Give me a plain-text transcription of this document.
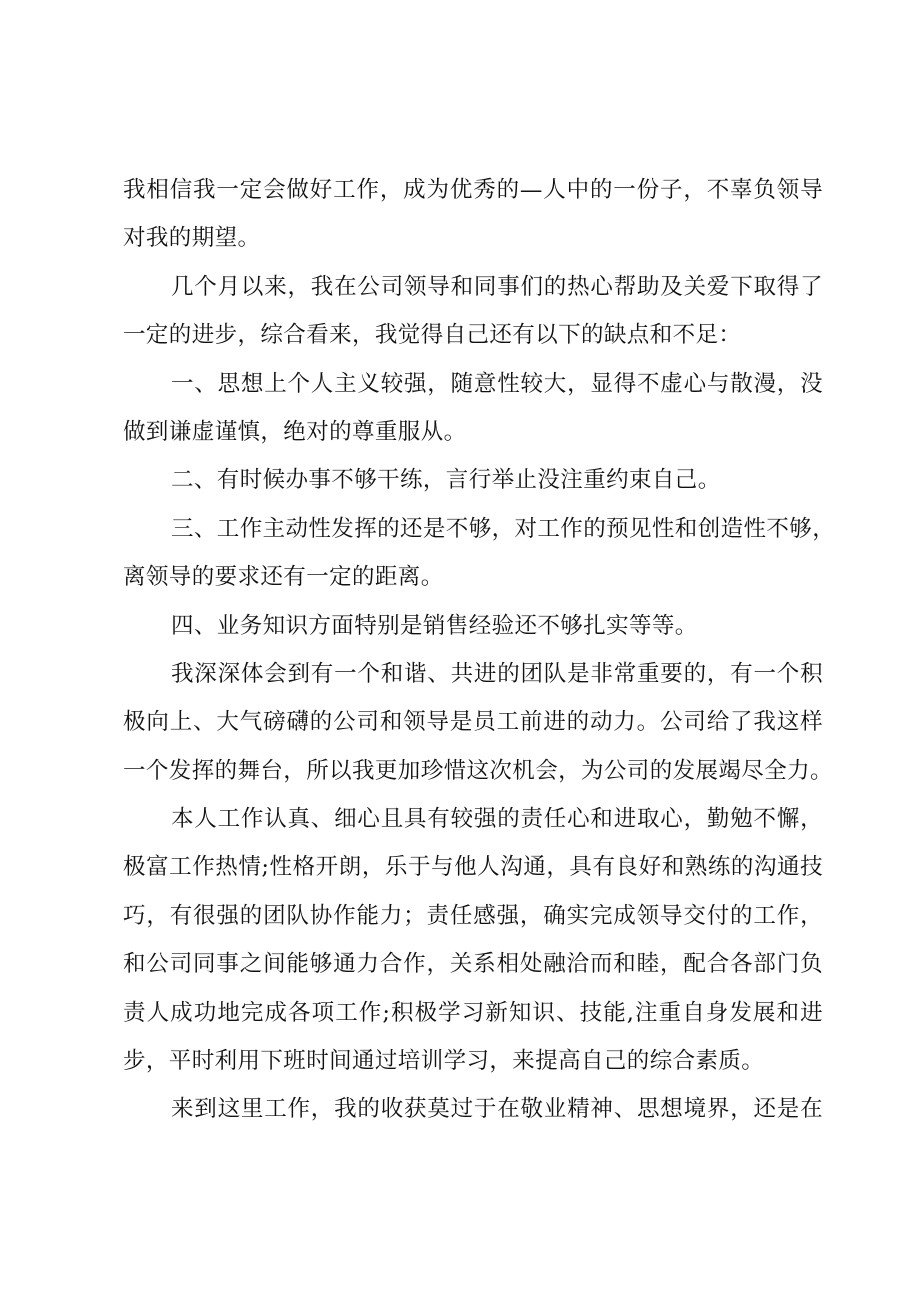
我相信我一定会做好工作，成为优秀的—人中的一份子，不辜负领导
对我的期望。
几个月以来，我在公司领导和同事们的热心帮助及关爱下取得了
一定的进步，综合看来，我觉得自己还有以下的缺点和不足：
一、思想上个人主义较强，随意性较大，显得不虚心与散漫，没
做到谦虚谨慎，绝对的尊重服从。
二、有时候办事不够干练，言行举止没注重约束自己。
三、工作主动性发挥的还是不够，对工作的预见性和创造性不够，
离领导的要求还有一定的距离。
四、业务知识方面特别是销售经验还不够扎实等等。
我深深体会到有一个和谐、共进的团队是非常重要的，有一个积
极向上、大气磅礴的公司和领导是员工前进的动力。公司给了我这样
一个发挥的舞台，所以我更加珍惜这次机会，为公司的发展竭尽全力。
本人工作认真、细心且具有较强的责任心和进取心，勤勉不懈，
极富工作热情;性格开朗，乐于与他人沟通，具有良好和熟练的沟通技
巧，有很强的团队协作能力；责任感强，确实完成领导交付的工作，
和公司同事之间能够通力合作，关系相处融洽而和睦，配合各部门负
责人成功地完成各项工作;积极学习新知识、技能,注重自身发展和进
步，平时利用下班时间通过培训学习，来提高自己的综合素质。
来到这里工作，我的收获莫过于在敬业精神、思想境界，还是在
